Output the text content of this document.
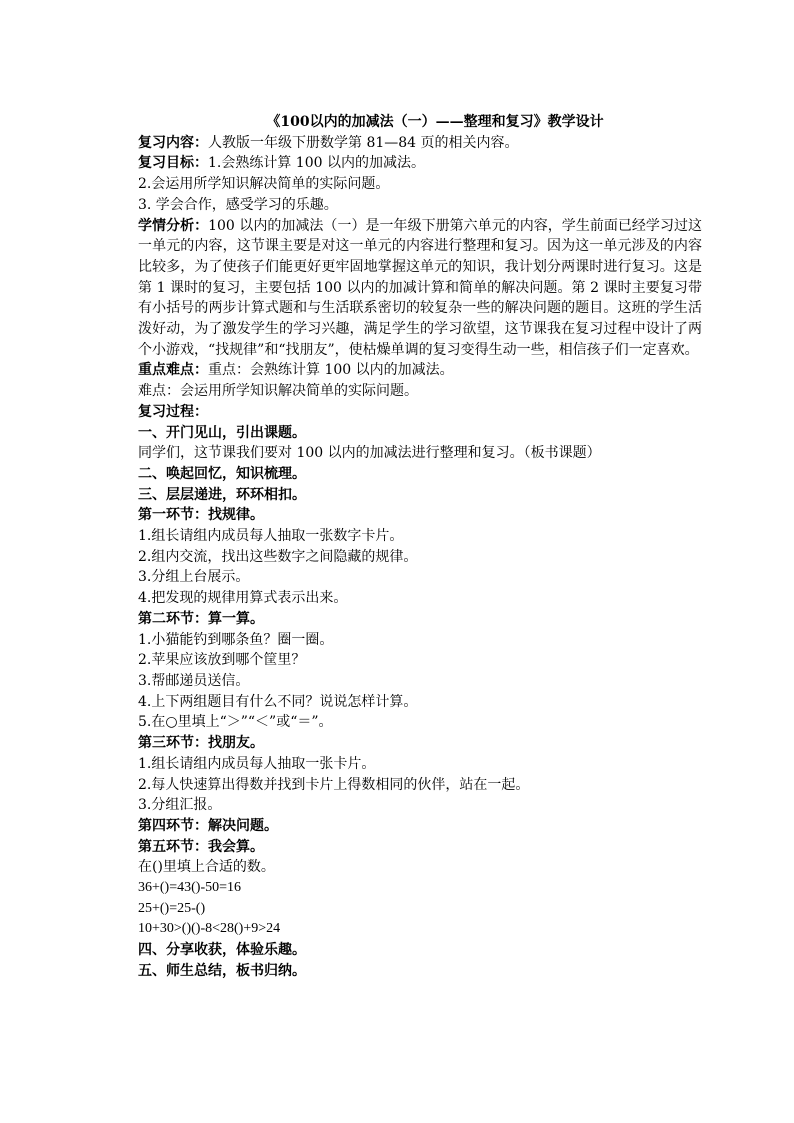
《100以内的加减法（一）——整理和复习》教学设计
复习内容：人教版一年级下册数学第 81—84 页的相关内容。
复习目标：1.会熟练计算 100 以内的加减法。
2.会运用所学知识解决简单的实际问题。
3. 学会合作，感受学习的乐趣。
学情分析：100 以内的加减法（一）是一年级下册第六单元的内容，学生前面已经学习过这一单元的内容，这节课主要是对这一单元的内容进行整理和复习。因为这一单元涉及的内容比较多，为了使孩子们能更好更牢固地掌握这单元的知识，我计划分两课时进行复习。这是第 1 课时的复习，主要包括 100 以内的加减计算和简单的解决问题。第 2 课时主要复习带有小括号的两步计算式题和与生活联系密切的较复杂一些的解决问题的题目。这班的学生活泼好动，为了激发学生的学习兴趣，满足学生的学习欲望，这节课我在复习过程中设计了两个小游戏，“找规律”和“找朋友”，使枯燥单调的复习变得生动一些，相信孩子们一定喜欢。
重点难点：重点：会熟练计算 100 以内的加减法。
难点：会运用所学知识解决简单的实际问题。
复习过程：
一、开门见山，引出课题。
同学们，这节课我们要对 100 以内的加减法进行整理和复习。（板书课题）
二、唤起回忆，知识梳理。
三、层层递进，环环相扣。
第一环节：找规律。
1.组长请组内成员每人抽取一张数字卡片。
2.组内交流，找出这些数字之间隐藏的规律。
3.分组上台展示。
4.把发现的规律用算式表示出来。
第二环节：算一算。
1.小猫能钓到哪条鱼？圈一圈。
2.苹果应该放到哪个筐里？
3.帮邮递员送信。
4.上下两组题目有什么不同？说说怎样计算。
5.在○里填上“＞”“＜”或“＝”。
第三环节：找朋友。
1.组长请组内成员每人抽取一张卡片。
2.每人快速算出得数并找到卡片上得数相同的伙伴，站在一起。
3.分组汇报。
第四环节：解决问题。
第五环节：我会算。
在()里填上合适的数。
36+()=43()-50=16
25+()=25-()
10+30>()()-8<28()+9>24
四、分享收获，体验乐趣。
五、师生总结，板书归纳。
